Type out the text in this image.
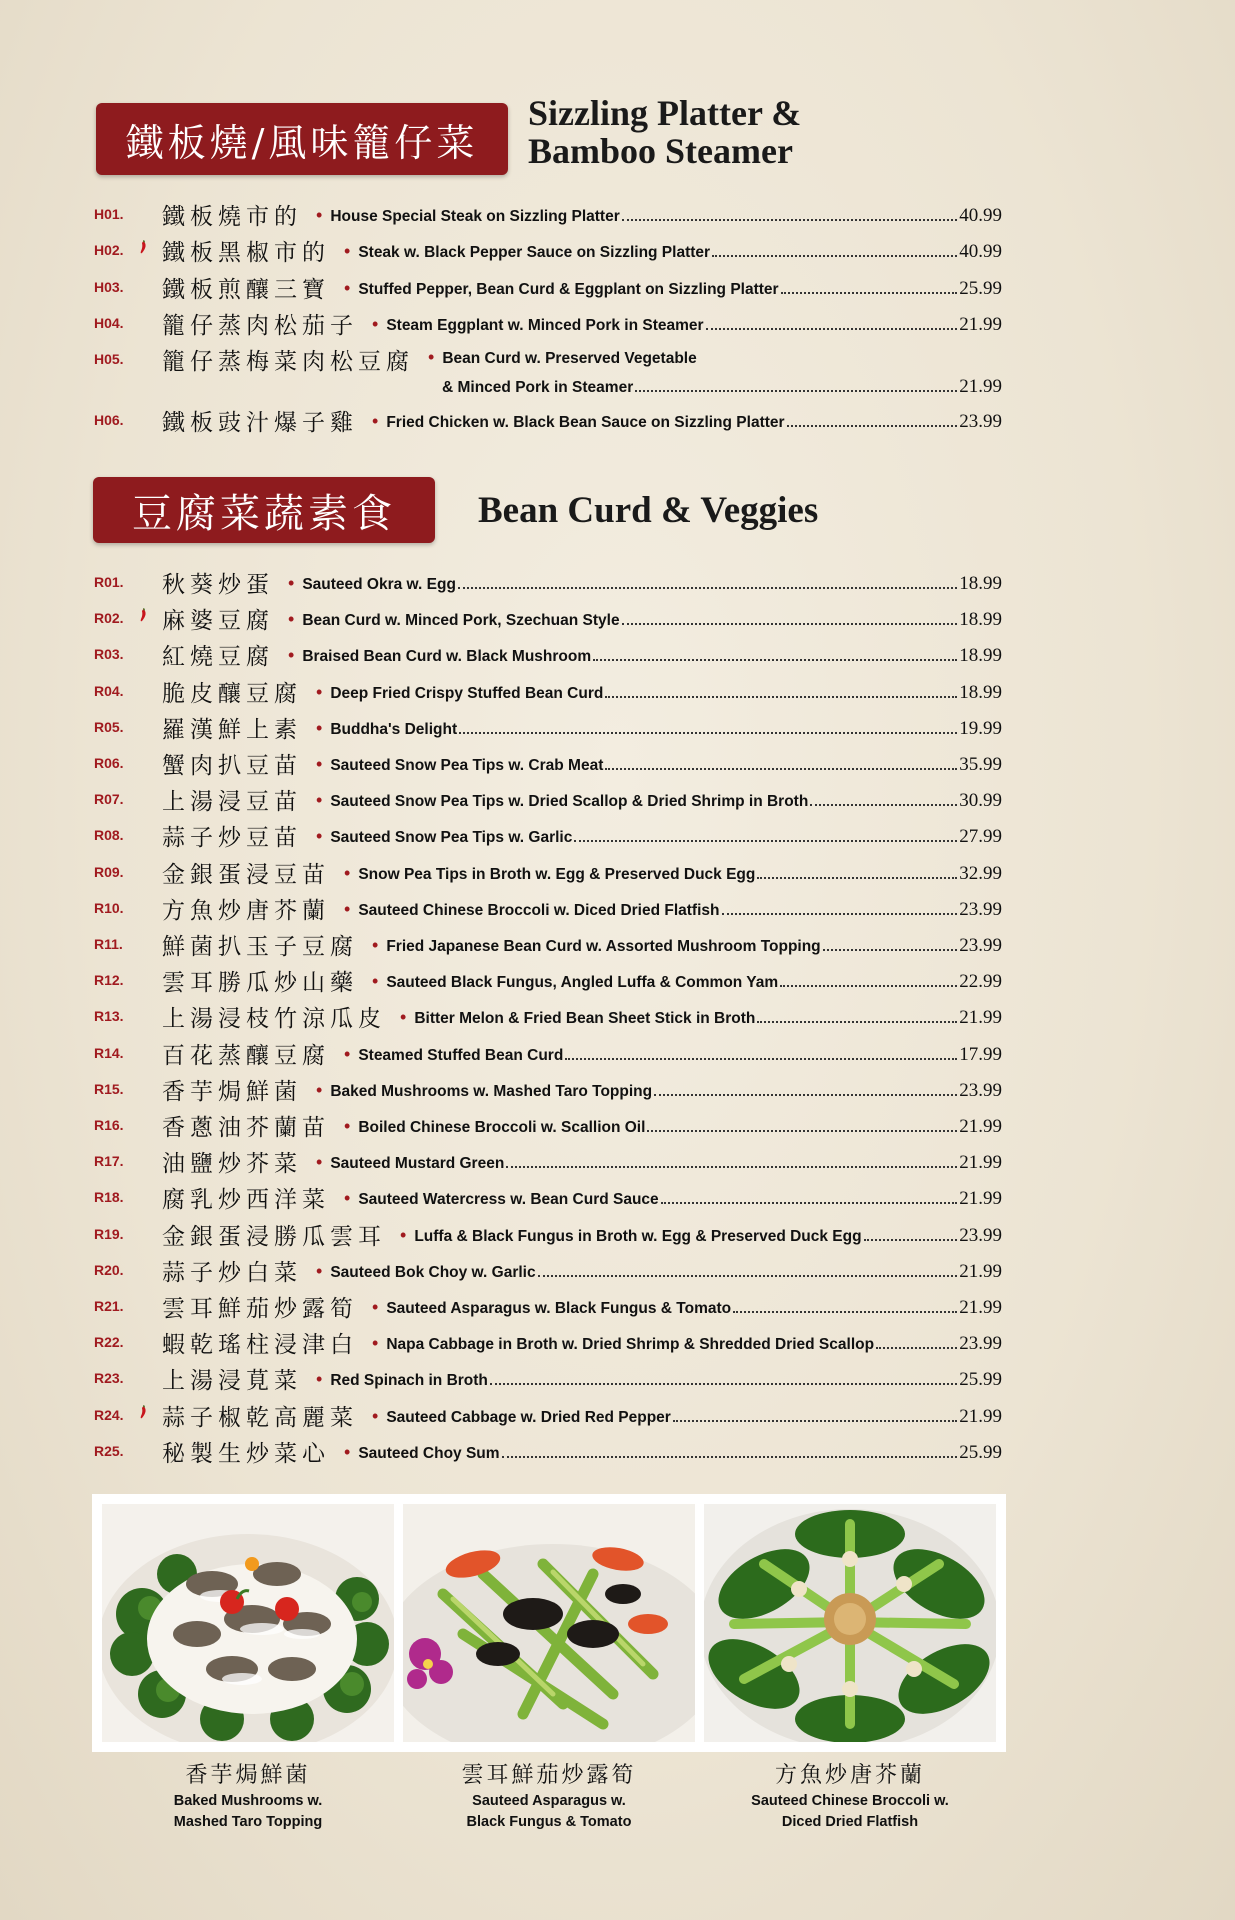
鐵板燒/風味籠仔菜
Sizzling Platter &
Bamboo Steamer
H01. 鐵板燒市的 • House Special Steak on Sizzling Platter	40.99
H02. 鐵板黑椒市的 • Steak w. Black Pepper Sauce on Sizzling Platter	40.99
H03. 鐵板煎釀三寶 • Stuffed Pepper, Bean Curd & Eggplant on Sizzling Platter	25.99
H04. 籠仔蒸肉松茄子 • Steam Eggplant w. Minced Pork in Steamer	21.99
H05. 籠仔蒸梅菜肉松豆腐 • Bean Curd w. Preserved Vegetable
& Minced Pork in Steamer	21.99
H06. 鐵板豉汁爆子雞 • Fried Chicken w. Black Bean Sauce on Sizzling Platter	23.99
豆腐菜蔬素食 Bean Curd & Veggies
R01. 秋葵炒蛋 • Sauteed Okra w. Egg	18.99
R02. 麻婆豆腐 • Bean Curd w. Minced Pork, Szechuan Style	18.99
R03. 紅燒豆腐 • Braised Bean Curd w. Black Mushroom	18.99
R04. 脆皮釀豆腐 • Deep Fried Crispy Stuffed Bean Curd	18.99
R05. 羅漢鮮上素 • Buddha's Delight	19.99
R06. 蟹肉扒豆苗 • Sauteed Snow Pea Tips w. Crab Meat	35.99
R07. 上湯浸豆苗 • Sauteed Snow Pea Tips w. Dried Scallop & Dried Shrimp in Broth	30.99
R08. 蒜子炒豆苗 • Sauteed Snow Pea Tips w. Garlic	27.99
R09. 金銀蛋浸豆苗 • Snow Pea Tips in Broth w. Egg & Preserved Duck Egg	32.99
R10. 方魚炒唐芥蘭 • Sauteed Chinese Broccoli w. Diced Dried Flatfish	23.99
R11. 鮮菌扒玉子豆腐 • Fried Japanese Bean Curd w. Assorted Mushroom Topping	23.99
R12. 雲耳勝瓜炒山藥 • Sauteed Black Fungus, Angled Luffa & Common Yam	22.99
R13. 上湯浸枝竹涼瓜皮 • Bitter Melon & Fried Bean Sheet Stick in Broth	21.99
R14. 百花蒸釀豆腐 • Steamed Stuffed Bean Curd	17.99
R15. 香芋焗鮮菌 • Baked Mushrooms w. Mashed Taro Topping	23.99
R16. 香蔥油芥蘭苗 • Boiled Chinese Broccoli w. Scallion Oil	21.99
R17. 油鹽炒芥菜 • Sauteed Mustard Green	21.99
R18. 腐乳炒西洋菜 • Sauteed Watercress w. Bean Curd Sauce	21.99
R19. 金銀蛋浸勝瓜雲耳 • Luffa & Black Fungus in Broth w. Egg & Preserved Duck Egg	23.99
R20. 蒜子炒白菜 • Sauteed Bok Choy w. Garlic	21.99
R21. 雲耳鮮茄炒露筍 • Sauteed Asparagus w. Black Fungus & Tomato	21.99
R22. 蝦乾瑤柱浸津白 • Napa Cabbage in Broth w. Dried Shrimp & Shredded Dried Scallop	23.99
R23. 上湯浸莧菜 • Red Spinach in Broth	25.99
R24. 蒜子椒乾高麗菜 • Sauteed Cabbage w. Dried Red Pepper	21.99
R25. 秘製生炒菜心 • Sauteed Choy Sum	25.99
香芋焗鮮菌
Baked Mushrooms w.
Mashed Taro Topping
雲耳鮮茄炒露筍
Sauteed Asparagus w.
Black Fungus & Tomato
方魚炒唐芥蘭
Sauteed Chinese Broccoli w.
Diced Dried Flatfish
